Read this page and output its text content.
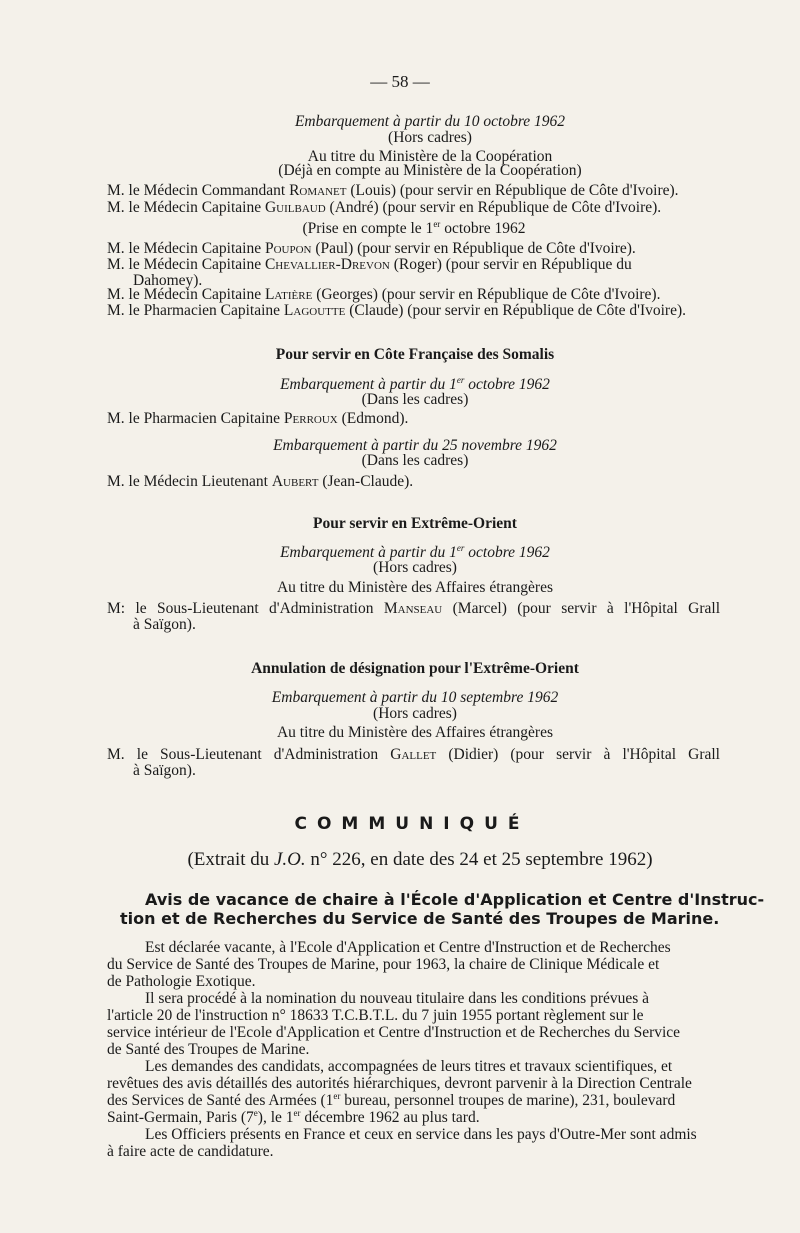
— 58 —
Embarquement à partir du 10 octobre 1962
(Hors cadres)
Au titre du Ministère de la Coopération
(Déjà en compte au Ministère de la Coopération)
M. le Médecin Commandant Romanet (Louis) (pour servir en République de Côte d'Ivoire).
M. le Médecin Capitaine Guilbaud (André) (pour servir en République de Côte d'Ivoire).
(Prise en compte le 1er octobre 1962
M. le Médecin Capitaine Poupon (Paul) (pour servir en République de Côte d'Ivoire).
M. le Médecin Capitaine Chevallier-Drevon (Roger) (pour servir en République du
Dahomey).
M. le Médecin Capitaine Latière (Georges) (pour servir en République de Côte d'Ivoire).
M. le Pharmacien Capitaine Lagoutte (Claude) (pour servir en République de Côte d'Ivoire).
Pour servir en Côte Française des Somalis
Embarquement à partir du 1er octobre 1962
(Dans les cadres)
M. le Pharmacien Capitaine Perroux (Edmond).
Embarquement à partir du 25 novembre 1962
(Dans les cadres)
M. le Médecin Lieutenant Aubert (Jean-Claude).
Pour servir en Extrême-Orient
Embarquement à partir du 1er octobre 1962
(Hors cadres)
Au titre du Ministère des Affaires étrangères
M: le Sous-Lieutenant d'Administration Manseau (Marcel) (pour servir à l'Hôpital Grall
à Saïgon).
Annulation de désignation pour l'Extrême-Orient
Embarquement à partir du 10 septembre 1962
(Hors cadres)
Au titre du Ministère des Affaires étrangères
M. le Sous-Lieutenant d'Administration Gallet (Didier) (pour servir à l'Hôpital Grall
à Saïgon).
COMMUNIQUÉ
(Extrait du J.O. n° 226, en date des 24 et 25 septembre 1962)
Avis de vacance de chaire à l'École d'Application et Centre d'Instruc-
tion et de Recherches du Service de Santé des Troupes de Marine.
Est déclarée vacante, à l'Ecole d'Application et Centre d'Instruction et de Recherches
du Service de Santé des Troupes de Marine, pour 1963, la chaire de Clinique Médicale et
de Pathologie Exotique.
Il sera procédé à la nomination du nouveau titulaire dans les conditions prévues à
l'article 20 de l'instruction n° 18633 T.C.B.T.L. du 7 juin 1955 portant règlement sur le
service intérieur de l'Ecole d'Application et Centre d'Instruction et de Recherches du Service
de Santé des Troupes de Marine.
Les demandes des candidats, accompagnées de leurs titres et travaux scientifiques, et
revêtues des avis détaillés des autorités hiérarchiques, devront parvenir à la Direction Centrale
des Services de Santé des Armées (1er bureau, personnel troupes de marine), 231, boulevard
Saint-Germain, Paris (7e), le 1er décembre 1962 au plus tard.
Les Officiers présents en France et ceux en service dans les pays d'Outre-Mer sont admis
à faire acte de candidature.
